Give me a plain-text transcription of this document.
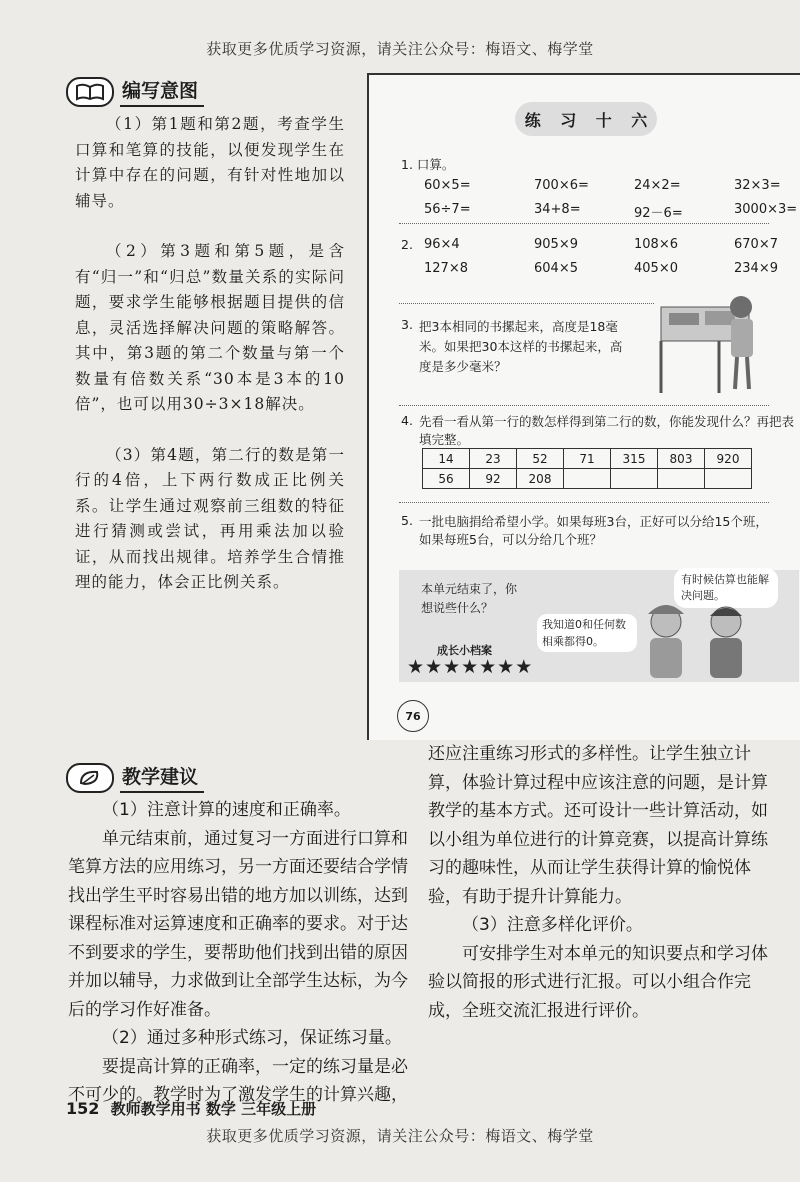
获取更多优质学习资源，请关注公众号：梅语文、梅学堂
编写意图

（1）第1题和第2题，考查学生口算和笔算的技能，以便发现学生在计算中存在的问题，有针对性地加以辅导。

（2）第3题和第5题，是含有“归一”和“归总”数量关系的实际问题，要求学生能够根据题目提供的信息，灵活选择解决问题的策略解答。其中，第3题的第二个数量与第一个数量有倍数关系“30本是3本的10倍”，也可以用30÷3×18解决。

（3）第4题，第二行的数是第一行的4倍，上下两行数成正比例关系。让学生通过观察前三组数的特征进行猜测或尝试，再用乘法加以验证，从而找出规律。培养学生合情推理的能力，体会正比例关系。

练 习 十 六
1. 口算。
60×5=	700×6=	24×2=	32×3=
56÷7=	34+8=	92－6=	3000×3=
2. 96×4	905×9	108×6	670×7
127×8	604×5	405×0	234×9
3. 把3本相同的书摞起来，高度是18毫米。如果把30本这样的书摞起来，高度是多少毫米？
4. 先看一看从第一行的数怎样得到第二行的数，你能发现什么？再把表填完整。
14	23	52	71	315	803	920
56	92	208				
5. 一批电脑捐给希望小学。如果每班3台，正好可以分给15个班，如果每班5台，可以分给几个班？
本单元结束了，你想说些什么？
我知道0和任何数相乘都得0。
有时候估算也能解决问题。
成长小档案
★★★★★★★
76
教学建议

（1）注意计算的速度和正确率。

单元结束前，通过复习一方面进行口算和笔算方法的应用练习，另一方面还要结合学情找出学生平时容易出错的地方加以训练，达到课程标准对运算速度和正确率的要求。对于达不到要求的学生，要帮助他们找到出错的原因并加以辅导，力求做到让全部学生达标，为今后的学习作好准备。

（2）通过多种形式练习，保证练习量。

要提高计算的正确率，一定的练习量是必不可少的。教学时为了激发学生的计算兴趣，

还应注重练习形式的多样性。让学生独立计算，体验计算过程中应该注意的问题，是计算教学的基本方式。还可设计一些计算活动，如以小组为单位进行的计算竞赛，以提高计算练习的趣味性，从而让学生获得计算的愉悦体验，有助于提升计算能力。

（3）注意多样化评价。

可安排学生对本单元的知识要点和学习体验以简报的形式进行汇报。可以小组合作完成，全班交流汇报进行评价。

152 教师教学用书 数学 三年级上册
获取更多优质学习资源，请关注公众号：梅语文、梅学堂
